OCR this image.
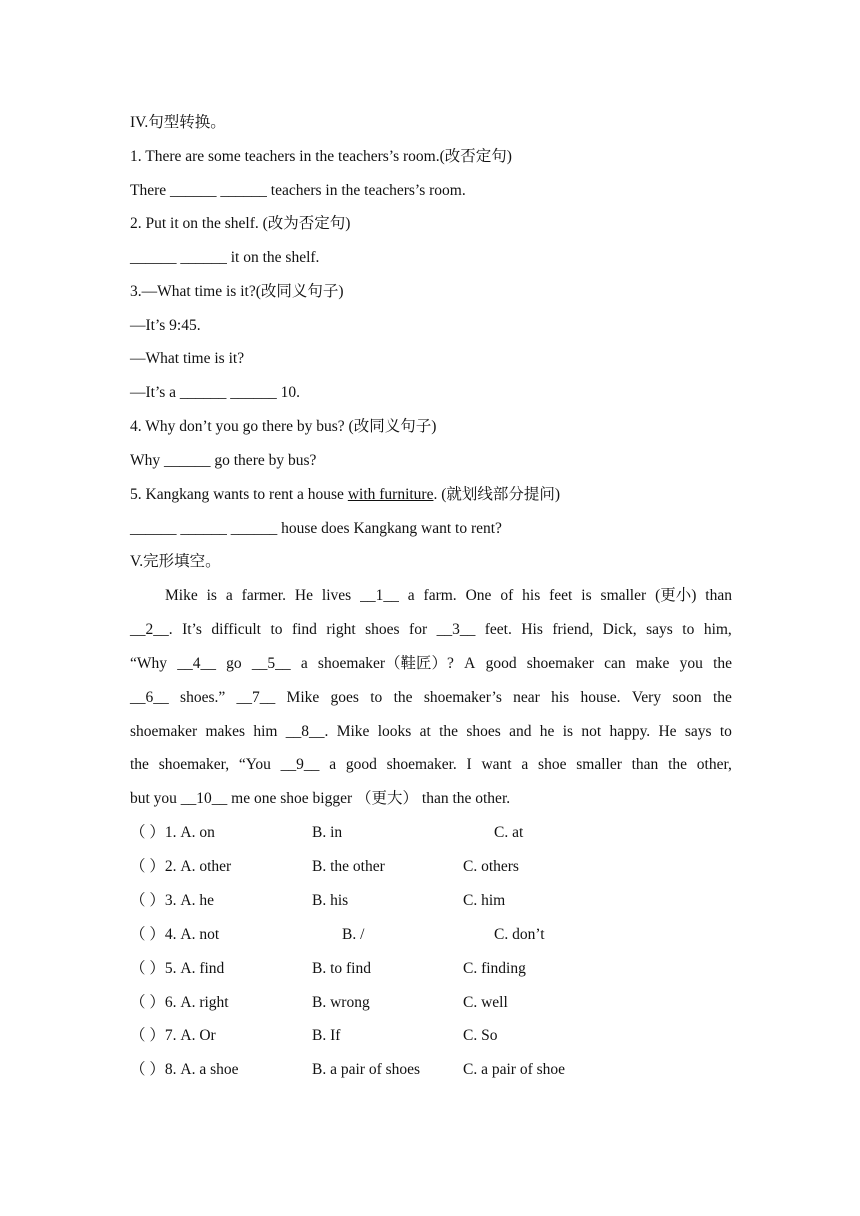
IV.句型转换。
1. There are some teachers in the teachers’s room.(改否定句)
There ______ ______ teachers in the teachers’s room.
2. Put it on the shelf. (改为否定句)
______ ______ it on the shelf.
3.—What time is it?(改同义句子)
—It’s 9:45.
—What time is it?
—It’s a ______ ______ 10.
4. Why don’t you go there by bus? (改同义句子)
Why ______ go there by bus?
5. Kangkang wants to rent a house with furniture. (就划线部分提问)
______ ______ ______ house does Kangkang want to rent?
V.完形填空。
Mike is a farmer. He lives __1__ a farm. One of his feet is smaller (更小) than
__2__. It’s difficult to find right shoes for __3__ feet. His friend, Dick, says to him,
“Why __4__ go __5__ a shoemaker（鞋匠）? A good shoemaker can make you the
__6__ shoes.” __7__ Mike goes to the shoemaker’s near his house. Very soon the
shoemaker makes him __8__. Mike looks at the shoes and he is not happy. He says to
the shoemaker, “You __9__ a good shoemaker. I want a shoe smaller than the other,
but you __10__ me one shoe bigger （更大） than the other.
（ ）1. A. on	B. in	C. at
（ ）2. A. other	B. the other	C. others
（ ）3. A. he	B. his	C. him
（ ）4. A. not	B. /	C. don’t
（ ）5. A. find	B. to find	C. finding
（ ）6. A. right	B. wrong	C. well
（ ）7. A. Or	B. If	C. So
（ ）8. A. a shoe	B. a pair of shoes	C. a pair of shoe
